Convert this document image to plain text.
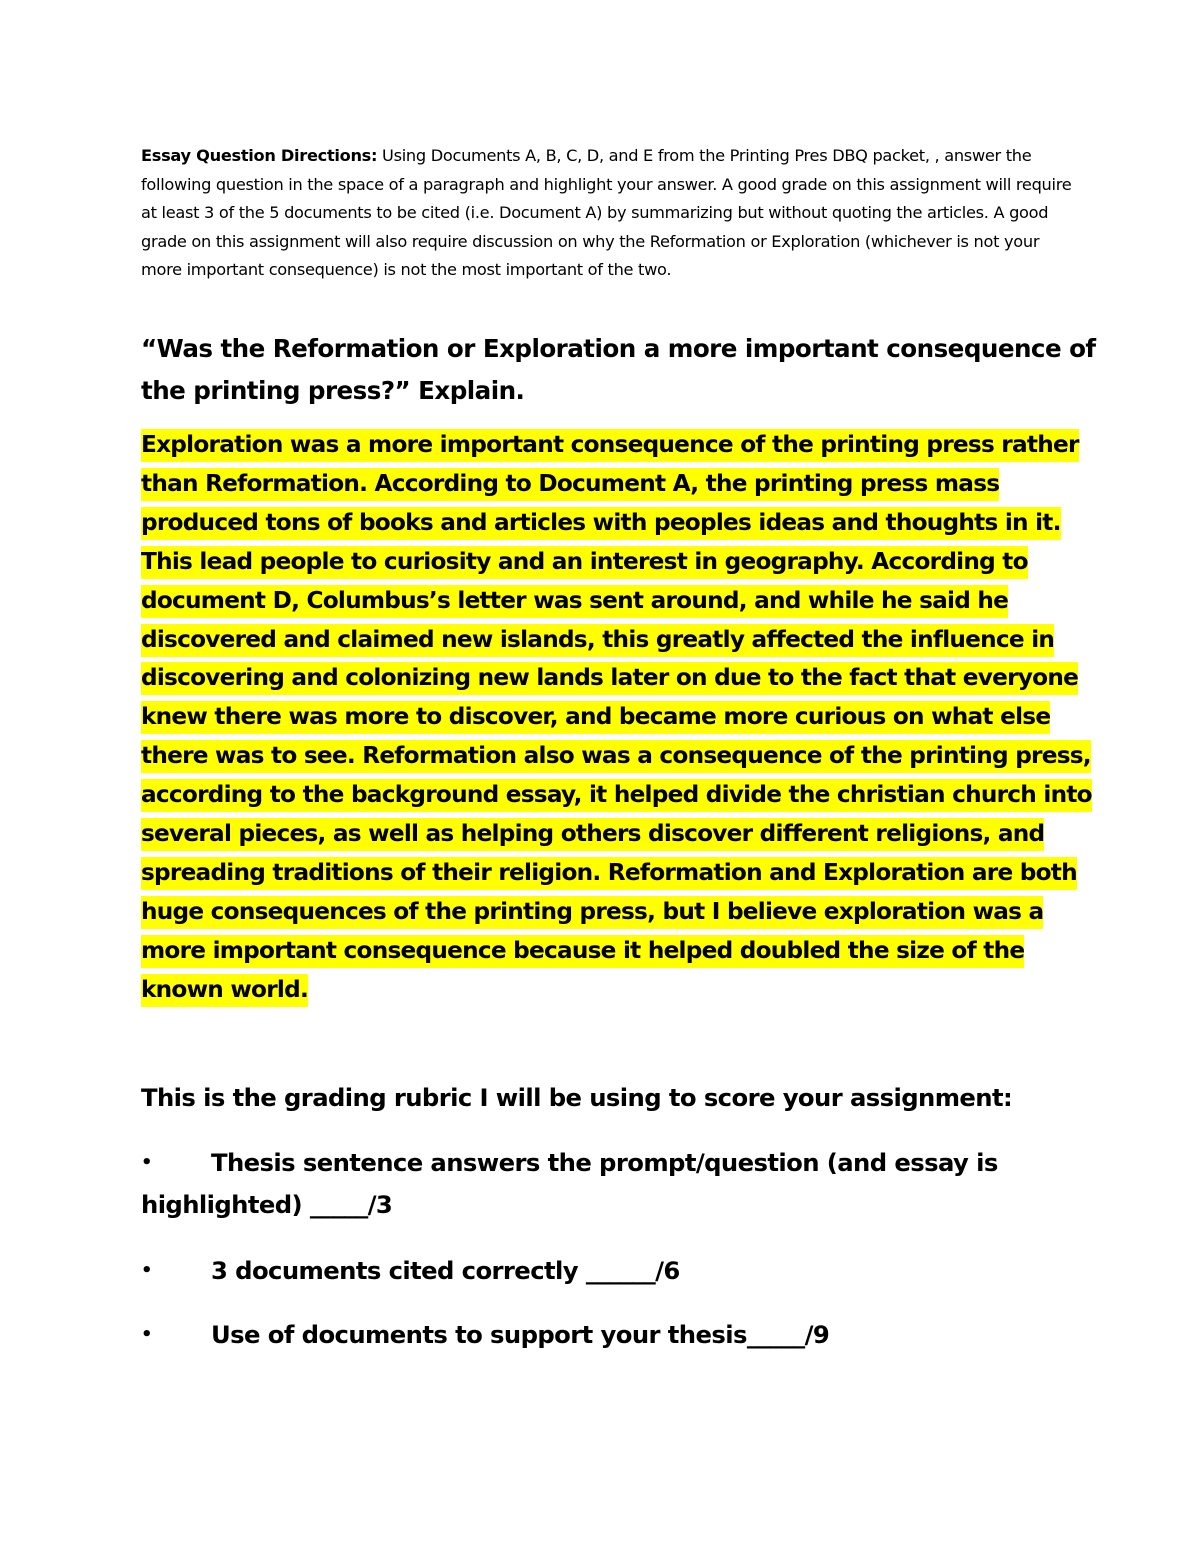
Essay Question Directions: Using Documents A, B, C, D, and E from the Printing Pres DBQ packet, , answer the following question in the space of a paragraph and highlight your answer. A good grade on this assignment will require at least 3 of the 5 documents to be cited (i.e. Document A) by summarizing but without quoting the articles. A good grade on this assignment will also require discussion on why the Reformation or Exploration (whichever is not your more important consequence) is not the most important of the two.

“Was the Reformation or Exploration a more important consequence of the printing press?” Explain.

Exploration was a more important consequence of the printing press rather than Reformation. According to Document A, the printing press mass produced tons of books and articles with peoples ideas and thoughts in it. This lead people to curiosity and an interest in geography. According to document D, Columbus’s letter was sent around, and while he said he discovered and claimed new islands, this greatly affected the influence in discovering and colonizing new lands later on due to the fact that everyone knew there was more to discover, and became more curious on what else there was to see. Reformation also was a consequence of the printing press, according to the background essay, it helped divide the christian church into several pieces, as well as helping others discover different religions, and spreading traditions of their religion. Reformation and Exploration are both huge consequences of the printing press, but I believe exploration was a more important consequence because it helped doubled the size of the known world.

This is the grading rubric I will be using to score your assignment:

• Thesis sentence answers the prompt/question (and essay is highlighted) _____/3

• 3 documents cited correctly ______/6

• Use of documents to support your thesis_____/9
